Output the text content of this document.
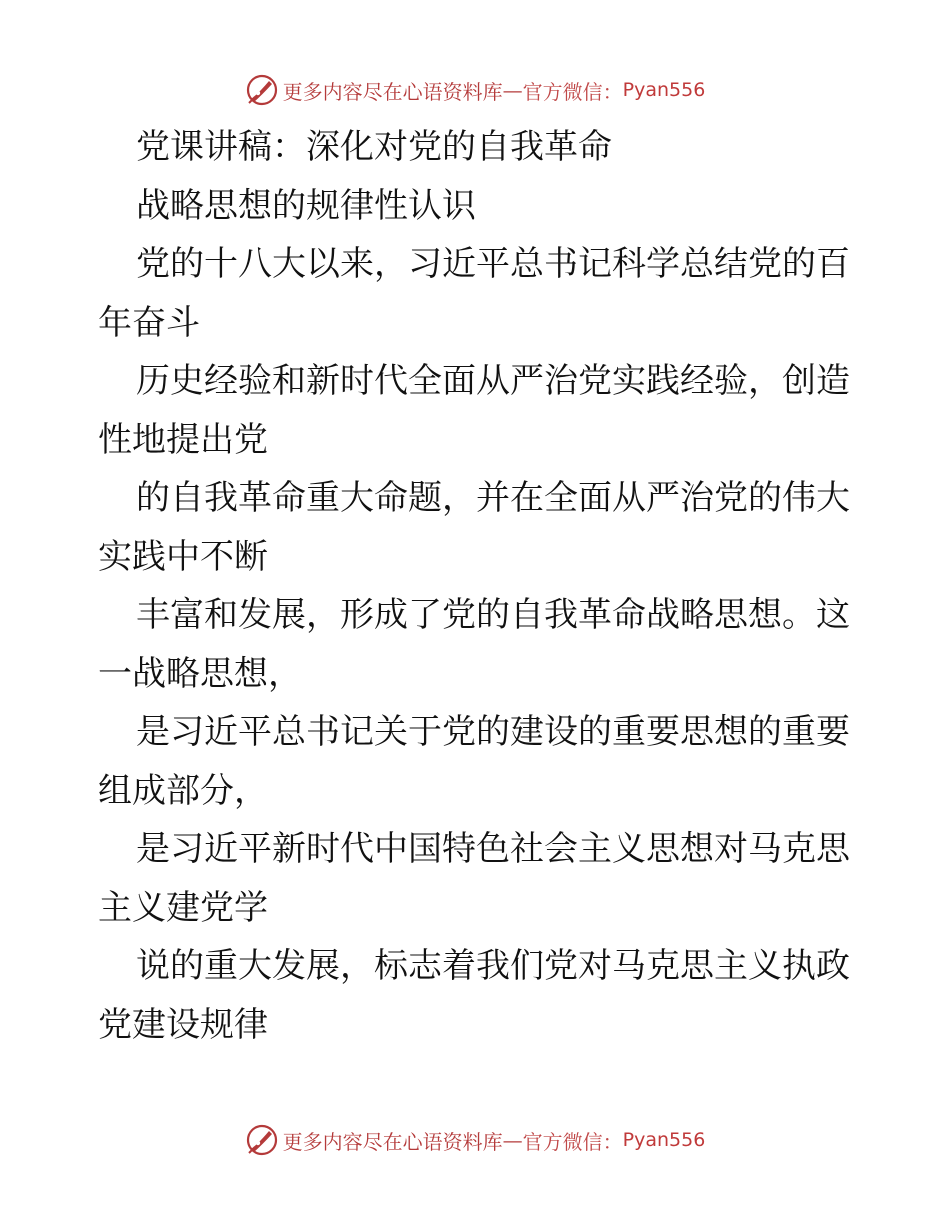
更多内容尽在心语资料库 — 官方微信： Pyan556

党课讲稿：深化对党的自我革命

战略思想的规律性认识

党的十八大以来，习近平总书记科学总结党的百年奋斗

历史经验和新时代全面从严治党实践经验，创造性地提出党

的自我革命重大命题，并在全面从严治党的伟大实践中不断

丰富和发展，形成了党的自我革命战略思想。这一战略思想，

是习近平总书记关于党的建设的重要思想的重要组成部分，

是习近平新时代中国特色社会主义思想对马克思主义建党学

说的重大发展，标志着我们党对马克思主义执政党建设规律

更多内容尽在心语资料库 — 官方微信： Pyan556
